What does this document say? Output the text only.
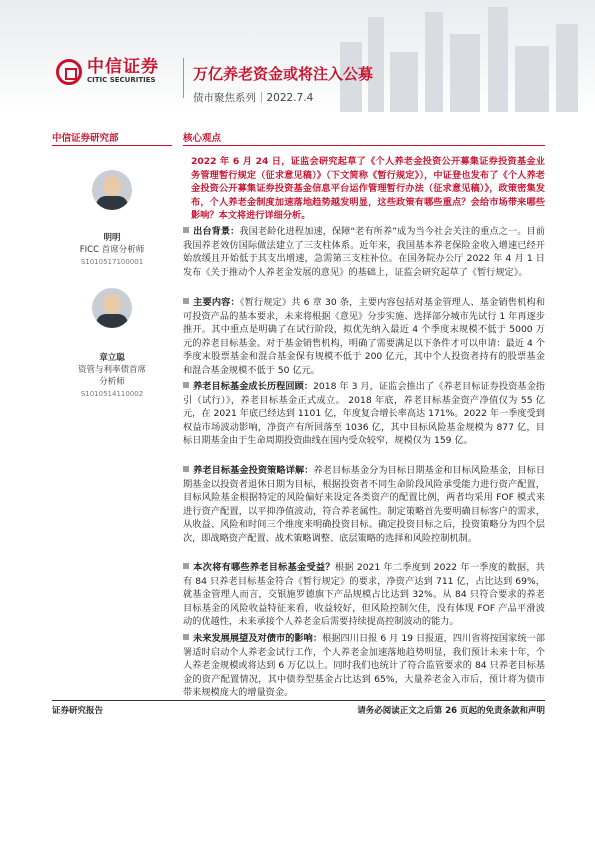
中信证券
CITIC SECURITIES 万亿养老资金或将注入公募
债市聚焦系列｜2022.7.4
中信证券研究部	核心观点
明明
FICC 首席分析师
S1010517100001
章立聪
资管与利率债首席
分析师
S1010514110002

2022 年 6 月 24 日，证监会研究起草了《个人养老金投资公开募集证券投资基金业务管理暂行规定（征求意见稿）》（下文简称《暂行规定》），中证登也发布了《个人养老金投资公开募集证券投资基金信息平台运作管理暂行办法（征求意见稿）》，政策密集发布，个人养老金制度加速落地趋势越发明显，这些政策有哪些重点？会给市场带来哪些影响？本文将进行详细分析。

出台背景：我国老龄化进程加速，保障“老有所养”成为当今社会关注的重点之一。目前我国养老效仿国际做法建立了三支柱体系。近年来，我国基本养老保险金收入增速已经开始放缓且开始低于其支出增速，急需第三支柱补位。在国务院办公厅 2022 年 4 月 1 日发布《关于推动个人养老金发展的意见》的基础上，证监会研究起草了《暂行规定》。

主要内容：《暂行规定》共 6 章 30 条，主要内容包括对基金管理人、基金销售机构和可投资产品的基本要求，未来将根据《意见》分步实施、选择部分城市先试行 1 年再逐步推开。其中重点是明确了在试行阶段，拟优先纳入最近 4 个季度末规模不低于 5000 万元的养老目标基金。对于基金销售机构，明确了需要满足以下条件才可以申请：最近 4 个季度末股票基金和混合基金保有规模不低于 200 亿元，其中个人投资者持有的股票基金和混合基金规模不低于 50 亿元。

养老目标基金成长历程回顾：2018 年 3 月，证监会推出了《养老目标证券投资基金指引（试行）》，养老目标基金正式成立。 2018 年底，养老目标基金资产净值仅为 55 亿元，在 2021 年底已经达到 1101 亿，年度复合增长率高达 171%。2022 年一季度受到权益市场波动影响，净资产有所回落至 1036 亿，其中目标风险基金规模为 877 亿，目标日期基金由于生命周期投资曲线在国内受众较窄，规模仅为 159 亿。

养老目标基金投资策略详解：养老目标基金分为目标日期基金和目标风险基金，目标日期基金以投资者退休日期为目标，根据投资者不同生命阶段风险承受能力进行资产配置，目标风险基金根据特定的风险偏好来设定各类资产的配置比例，两者均采用 FOF 模式来进行资产配置，以平抑净值波动，符合养老属性。制定策略首先要明确目标客户的需求，从收益、风险和时间三个维度来明确投资目标。确定投资目标之后，投资策略分为四个层次，即战略资产配置、战术策略调整、底层策略的选择和风险控制机制。

本次将有哪些养老目标基金受益？根据 2021 年二季度到 2022 年一季度的数据，共有 84 只养老目标基金符合《暂行规定》的要求，净资产达到 711 亿，占比达到 69%，就基金管理人而言，交银施罗德旗下产品规模占比达到 32%。从 84 只符合要求的养老目标基金的风险收益特征来看，收益较好，但风险控制欠佳，没有体现 FOF 产品平滑波动的优越性，未来承接个人养老金后需要持续提高控制波动的能力。

未来发展展望及对债市的影响：根据四川日报 6 月 19 日报道，四川省将按国家统一部署适时启动个人养老金试行工作，个人养老金加速落地趋势明显，我们预计未来十年，个人养老金规模或将达到 6 万亿以上。同时我们也统计了符合监管要求的 84 只养老目标基金的资产配置情况，其中债券型基金占比达到 65%，大量养老金入市后，预计将为债市带来规模庞大的增量资金。

证券研究报告	请务必阅读正文之后第 26 页起的免责条款和声明
